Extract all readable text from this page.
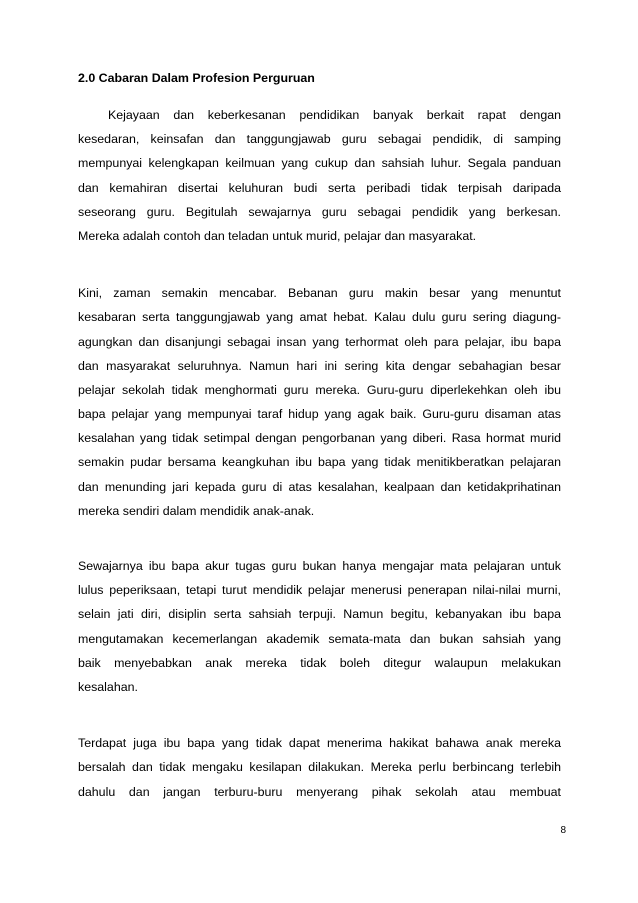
2.0 Cabaran Dalam Profesion Perguruan

Kejayaan dan keberkesanan pendidikan banyak berkait rapat dengan
kesedaran, keinsafan dan tanggungjawab guru sebagai pendidik, di samping
mempunyai kelengkapan keilmuan yang cukup dan sahsiah luhur. Segala panduan
dan kemahiran disertai keluhuran budi serta peribadi tidak terpisah daripada
seseorang guru. Begitulah sewajarnya guru sebagai pendidik yang berkesan.
Mereka adalah contoh dan teladan untuk murid, pelajar dan masyarakat.

Kini, zaman semakin mencabar. Bebanan guru makin besar yang menuntut
kesabaran serta tanggungjawab yang amat hebat. Kalau dulu guru sering diagung-
agungkan dan disanjungi sebagai insan yang terhormat oleh para pelajar, ibu bapa
dan masyarakat seluruhnya. Namun hari ini sering kita dengar sebahagian besar
pelajar sekolah tidak menghormati guru mereka. Guru-guru diperlekehkan oleh ibu
bapa pelajar yang mempunyai taraf hidup yang agak baik. Guru-guru disaman atas
kesalahan yang tidak setimpal dengan pengorbanan yang diberi. Rasa hormat murid
semakin pudar bersama keangkuhan ibu bapa yang tidak menitikberatkan pelajaran
dan menunding jari kepada guru di atas kesalahan, kealpaan dan ketidakprihatinan
mereka sendiri dalam mendidik anak-anak.

Sewajarnya ibu bapa akur tugas guru bukan hanya mengajar mata pelajaran untuk
lulus peperiksaan, tetapi turut mendidik pelajar menerusi penerapan nilai-nilai murni,
selain jati diri, disiplin serta sahsiah terpuji. Namun begitu, kebanyakan ibu bapa
mengutamakan kecemerlangan akademik semata-mata dan bukan sahsiah yang
baik menyebabkan anak mereka tidak boleh ditegur walaupun melakukan
kesalahan.

Terdapat juga ibu bapa yang tidak dapat menerima hakikat bahawa anak mereka
bersalah dan tidak mengaku kesilapan dilakukan. Mereka perlu berbincang terlebih
dahulu dan jangan terburu-buru menyerang pihak sekolah atau membuat

8
